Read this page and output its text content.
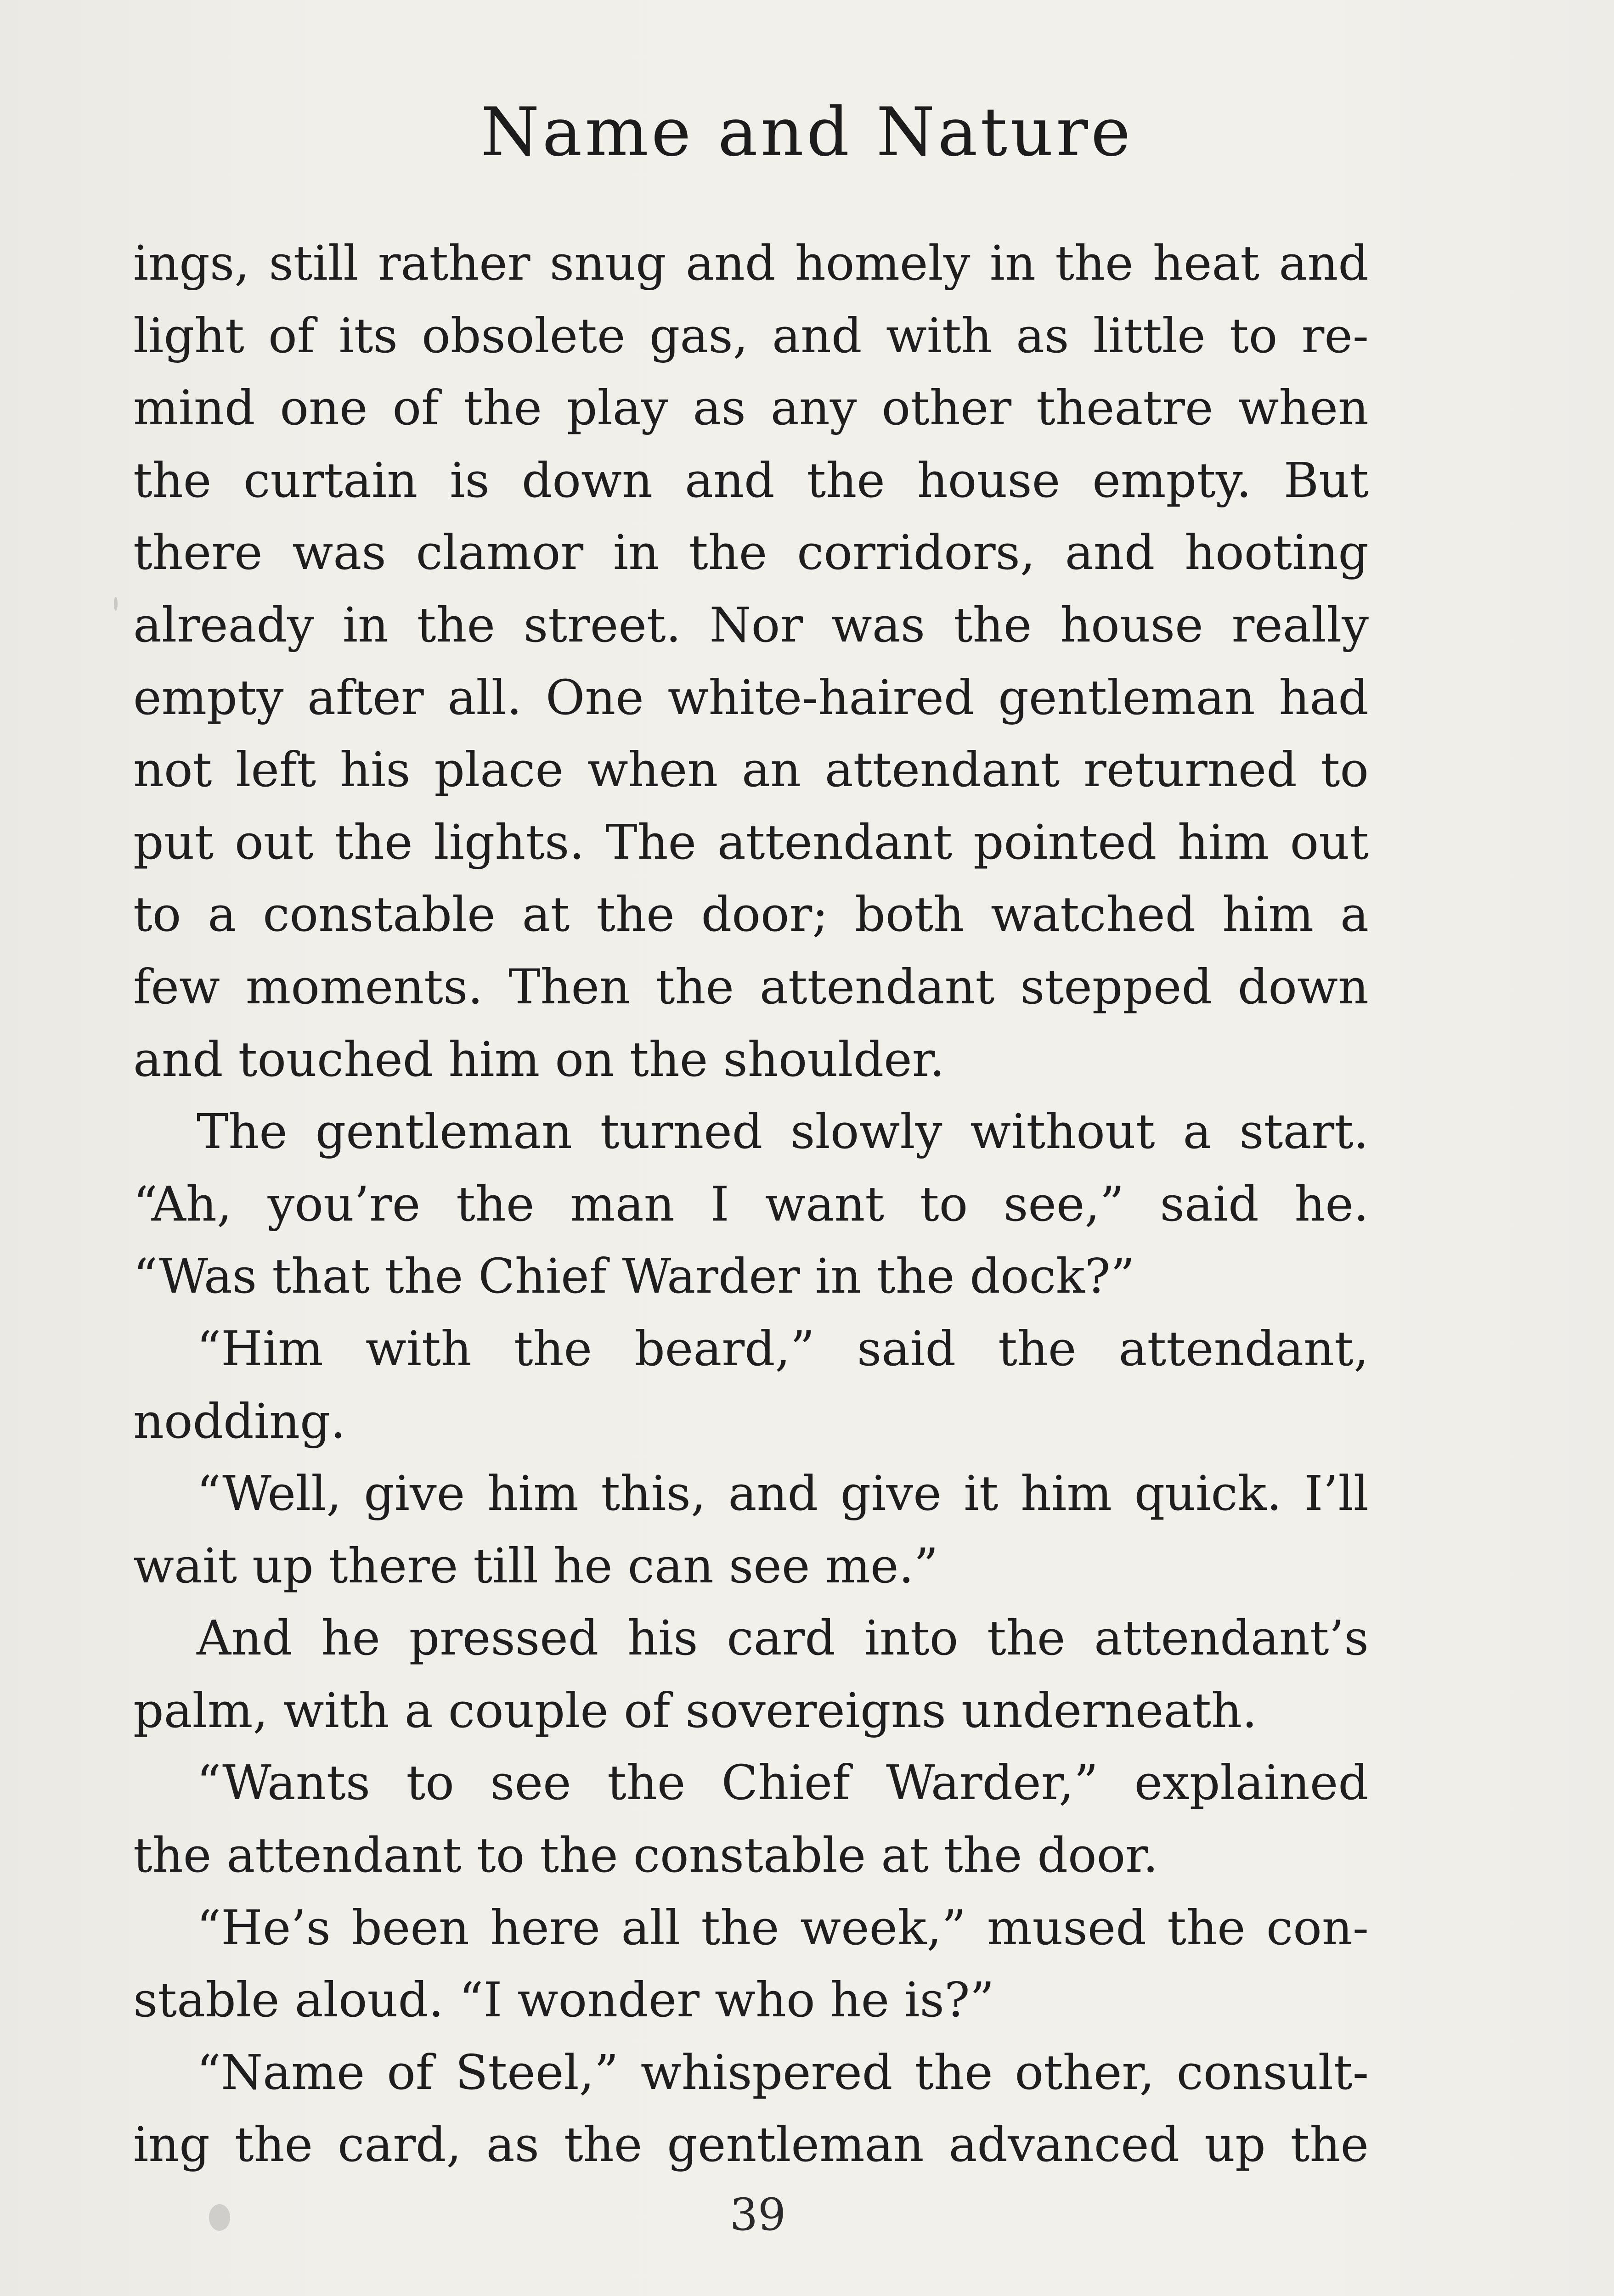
Name and Nature
ings, still rather snug and homely in the heat and
light of its obsolete gas, and with as little to re-
mind one of the play as any other theatre when
the curtain is down and the house empty. But
there was clamor in the corridors, and hooting
already in the street. Nor was the house really
empty after all. One white-haired gentleman had
not left his place when an attendant returned to
put out the lights. The attendant pointed him out
to a constable at the door; both watched him a
few moments. Then the attendant stepped down
and touched him on the shoulder.
The gentleman turned slowly without a start.
“Ah, you’re the man I want to see,” said he.
“Was that the Chief Warder in the dock?”
“Him with the beard,” said the attendant,
nodding.
“Well, give him this, and give it him quick. I’ll
wait up there till he can see me.”
And he pressed his card into the attendant’s
palm, with a couple of sovereigns underneath.
“Wants to see the Chief Warder,” explained
the attendant to the constable at the door.
“He’s been here all the week,” mused the con-
stable aloud. “I wonder who he is?”
“Name of Steel,” whispered the other, consult-
ing the card, as the gentleman advanced up the
39
